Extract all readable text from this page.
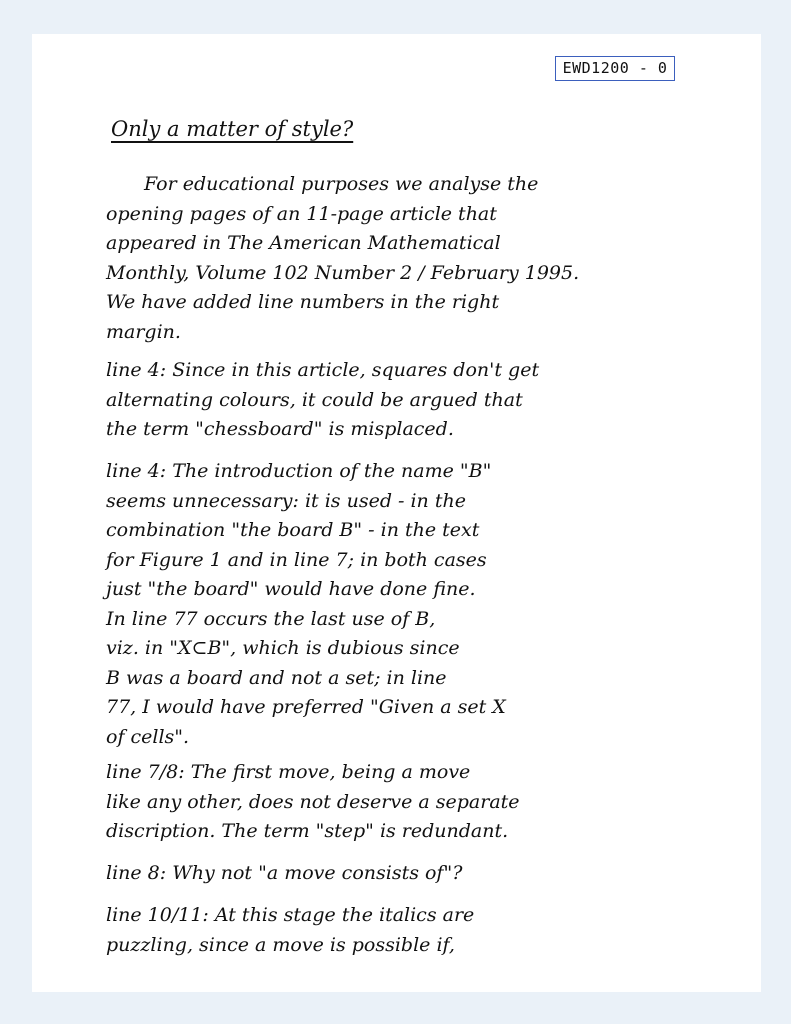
EWD1200 - 0
Only a matter of style?
For educational purposes we analyse the
opening pages of an 11-page article that
appeared in The American Mathematical
Monthly, Volume 102 Number 2 / February 1995.
We have added line numbers in the right
margin.
line 4: Since in this article, squares don't get
alternating colours, it could be argued that
the term "chessboard" is misplaced.
line 4: The introduction of the name "B"
seems unnecessary: it is used - in the
combination "the board B" - in the text
for Figure 1 and in line 7; in both cases
just "the board" would have done fine.
In line 77 occurs the last use of B,
viz. in "X⊂B", which is dubious since
B was a board and not a set; in line
77, I would have preferred "Given a set X
of cells".
line 7/8: The first move, being a move
like any other, does not deserve a separate
discription. The term "step" is redundant.
line 8: Why not "a move consists of"?
line 10/11: At this stage the italics are
puzzling, since a move is possible if,
